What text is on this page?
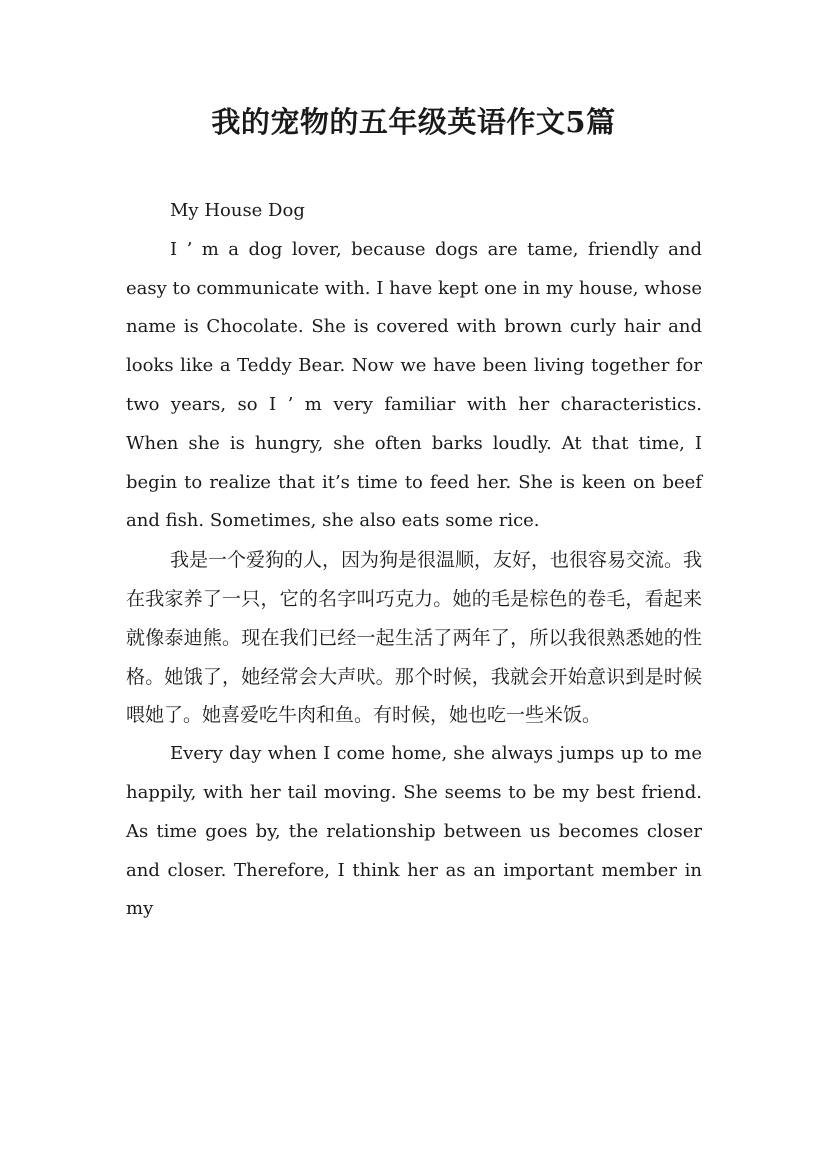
我的宠物的五年级英语作文5篇

My House Dog

I ’ m a dog lover, because dogs are tame, friendly and easy to communicate with. I have kept one in my house, whose name is Chocolate. She is covered with brown curly hair and looks like a Teddy Bear. Now we have been living together for two years, so I ’ m very familiar with her characteristics. When she is hungry, she often barks loudly. At that time, I begin to realize that it’s time to feed her. She is keen on beef and fish. Sometimes, she also eats some rice.

我是一个爱狗的人，因为狗是很温顺，友好，也很容易交流。我在我家养了一只，它的名字叫巧克力。她的毛是棕色的卷毛，看起来就像泰迪熊。现在我们已经一起生活了两年了，所以我很熟悉她的性格。她饿了，她经常会大声吠。那个时候，我就会开始意识到是时候喂她了。她喜爱吃牛肉和鱼。有时候，她也吃一些米饭。

Every day when I come home, she always jumps up to me happily, with her tail moving. She seems to be my best friend. As time goes by, the relationship between us becomes closer and closer. Therefore, I think her as an important member in my
